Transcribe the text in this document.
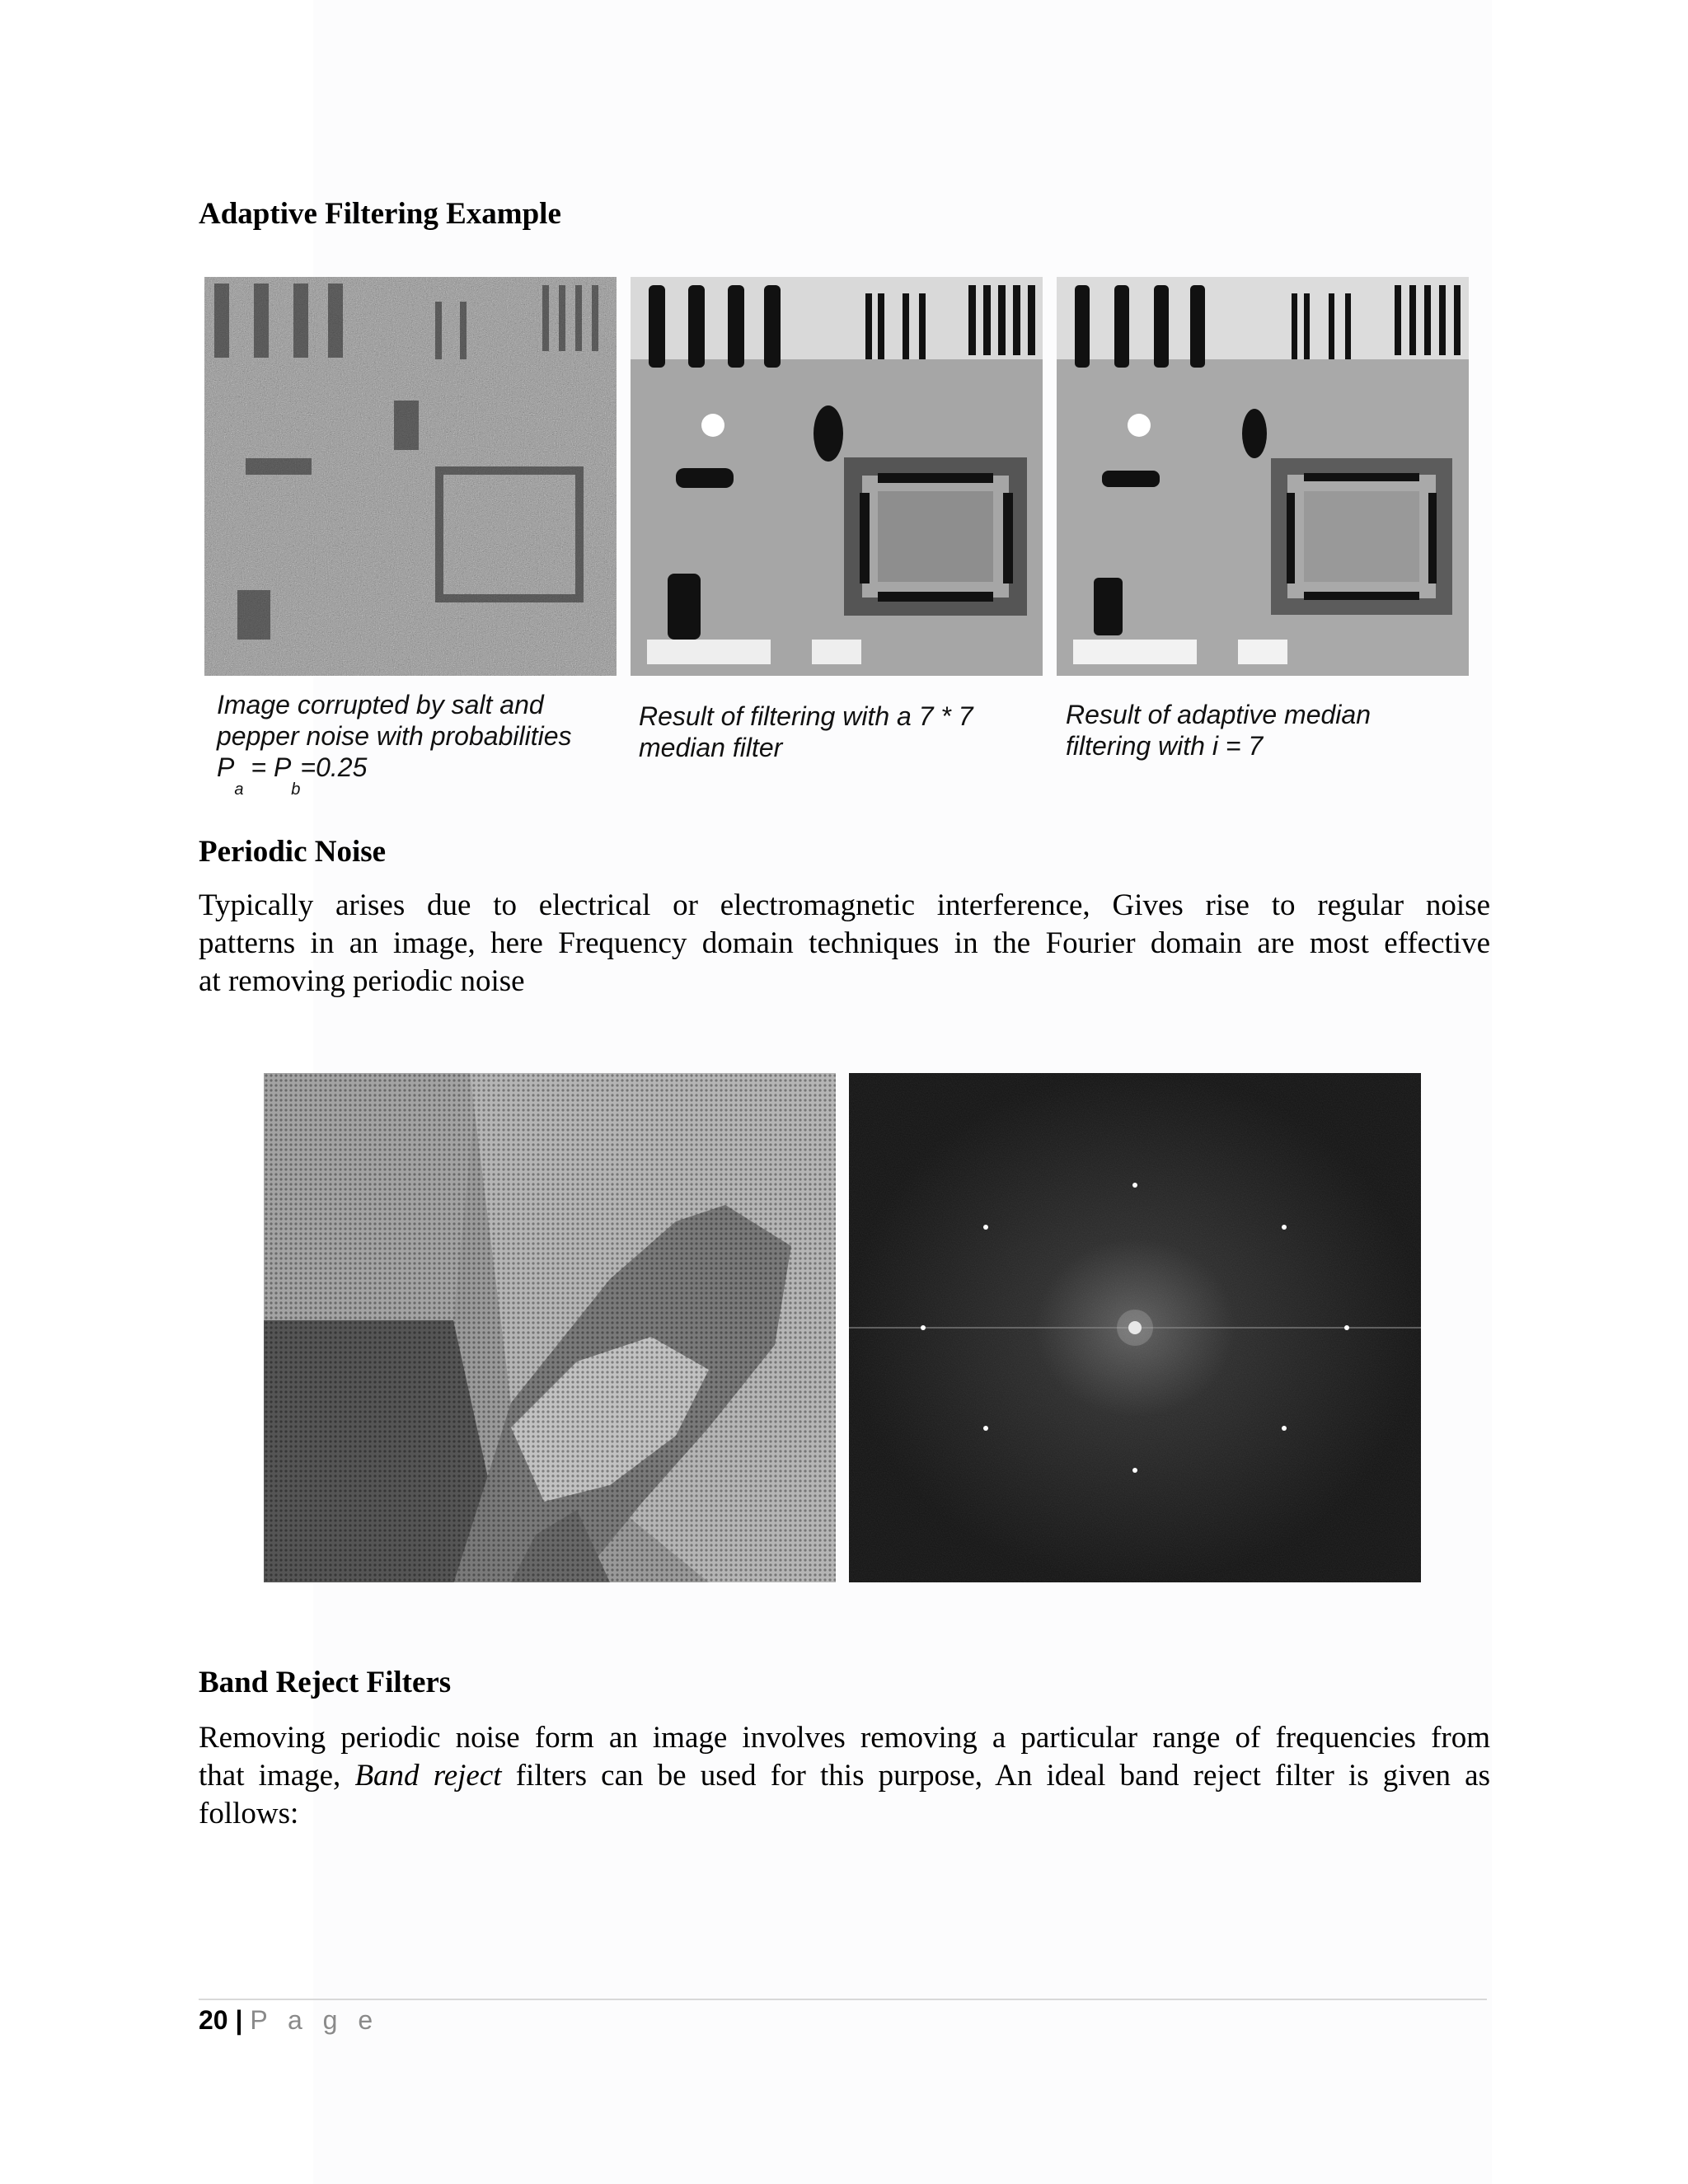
Adaptive Filtering Example
Image corrupted by salt and
pepper noise with probabilities
$P_a = P_b=0.25$
Result of filtering with a 7 * 7
median filter
Result of adaptive median
filtering with i = 7
Periodic Noise
Typically arises due to electrical or electromagnetic interference, Gives rise to regular noise
patterns in an image, here Frequency domain techniques in the Fourier domain are most effective
at removing periodic noise
Band Reject Filters
Removing periodic noise form an image involves removing a particular range of frequencies from
that image, Band reject filters can be used for this purpose, An ideal band reject filter is given as
follows:
20 | P a g e
